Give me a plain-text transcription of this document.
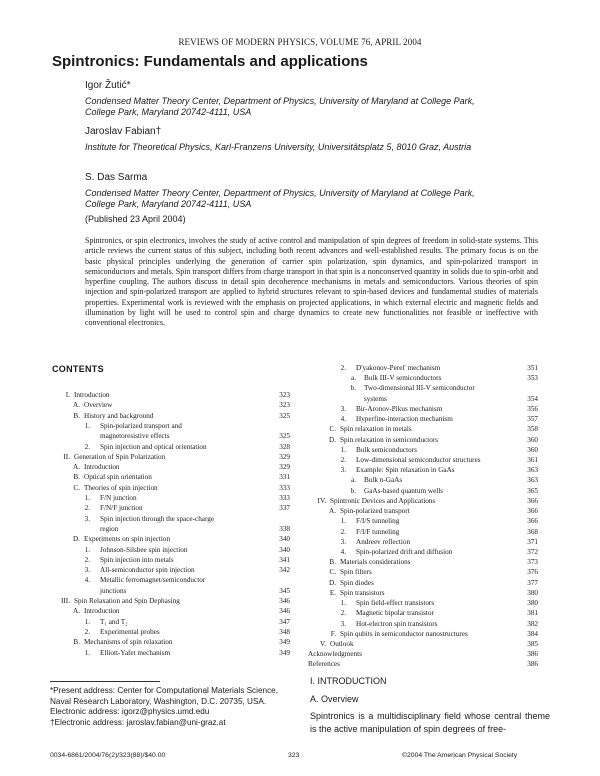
REVIEWS OF MODERN PHYSICS, VOLUME 76, APRIL 2004
Spintronics: Fundamentals and applications
Igor Žutić*
Condensed Matter Theory Center, Department of Physics, University of Maryland at College Park, College Park, Maryland 20742-4111, USA
Jaroslav Fabian†
Institute for Theoretical Physics, Karl-Franzens University, Universitätsplatz 5, 8010 Graz, Austria
S. Das Sarma
Condensed Matter Theory Center, Department of Physics, University of Maryland at College Park, College Park, Maryland 20742-4111, USA
(Published 23 April 2004)
Spintronics, or spin electronics, involves the study of active control and manipulation of spin degrees of freedom in solid-state systems. This article reviews the current status of this subject, including both recent advances and well-established results. The primary focus is on the basic physical principles underlying the generation of carrier spin polarization, spin dynamics, and spin-polarized transport in semiconductors and metals. Spin transport differs from charge transport in that spin is a nonconserved quantity in solids due to spin-orbit and hyperfine coupling. The authors discuss in detail spin decoherence mechanisms in metals and semiconductors. Various theories of spin injection and spin-polarized transport are applied to hybrid structures relevant to spin-based devices and fundamental studies of materials properties. Experimental work is reviewed with the emphasis on projected applications, in which external electric and magnetic fields and illumination by light will be used to control spin and charge dynamics to create new functionalities not feasible or ineffective with conventional electronics.
CONTENTS
I. Introduction	323
A. Overview	323
B. History and background	325
1. Spin-polarized transport and
magnetoresistive effects	325
2. Spin injection and optical orientation	328
II. Generation of Spin Polarization	329
A. Introduction	329
B. Optical spin orientation	331
C. Theories of spin injection	333
1. F/N junction	333
2. F/N/F junction	337
3. Spin injection through the space-charge
region	338
D. Experiments on spin injection	340
1. Johnson-Silsbee spin injection	340
2. Spin injection into metals	341
3. All-semiconductor spin injection	342
4. Metallic ferromagnet/semiconductor
junctions	345
III. Spin Relaxation and Spin Dephasing	346
A. Introduction	346
1. T₁ and T₂	347
2. Experimental probes	348
B. Mechanisms of spin relaxation	349
1. Elliott-Yafet mechanism	349
2. D'yakonov-Perel' mechanism	351
a. Bulk III-V semiconductors	353
b. Two-dimensional III-V semiconductor
systems	354
3. Bir-Aronov-Pikus mechanism	356
4. Hyperfine-interaction mechanism	357
C. Spin relaxation in metals	358
D. Spin relaxation in semiconductors	360
1. Bulk semiconductors	360
2. Low-dimensional semiconductor structures	361
3. Example: Spin relaxation in GaAs	363
a. Bulk n-GaAs	363
b. GaAs-based quantum wells	365
IV. Spintronic Devices and Applications	366
A. Spin-polarized transport	366
1. F/I/S tunneling	366
2. F/I/F tunneling	368
3. Andreev reflection	371
4. Spin-polarized drift and diffusion	372
B. Materials considerations	373
C. Spin filters	376
D. Spin diodes	377
E. Spin transistors	380
1. Spin field-effect transistors	380
2. Magnetic bipolar transistor	381
3. Hot-electron spin transistors	382
F. Spin qubits in semiconductor nanostructures	384
V. Outlook	385
Acknowledgments	386
References	386
*Present address: Center for Computational Materials Science, Naval Research Laboratory, Washington, D.C. 20735, USA. Electronic address: igorz@physics.umd.edu
†Electronic address: jaroslav.fabian@uni-graz.at
I. INTRODUCTION
A. Overview
Spintronics is a multidisciplinary field whose central theme is the active manipulation of spin degrees of free-
0034-6861/2004/76(2)/323(88)/$40.00	323	©2004 The American Physical Society
